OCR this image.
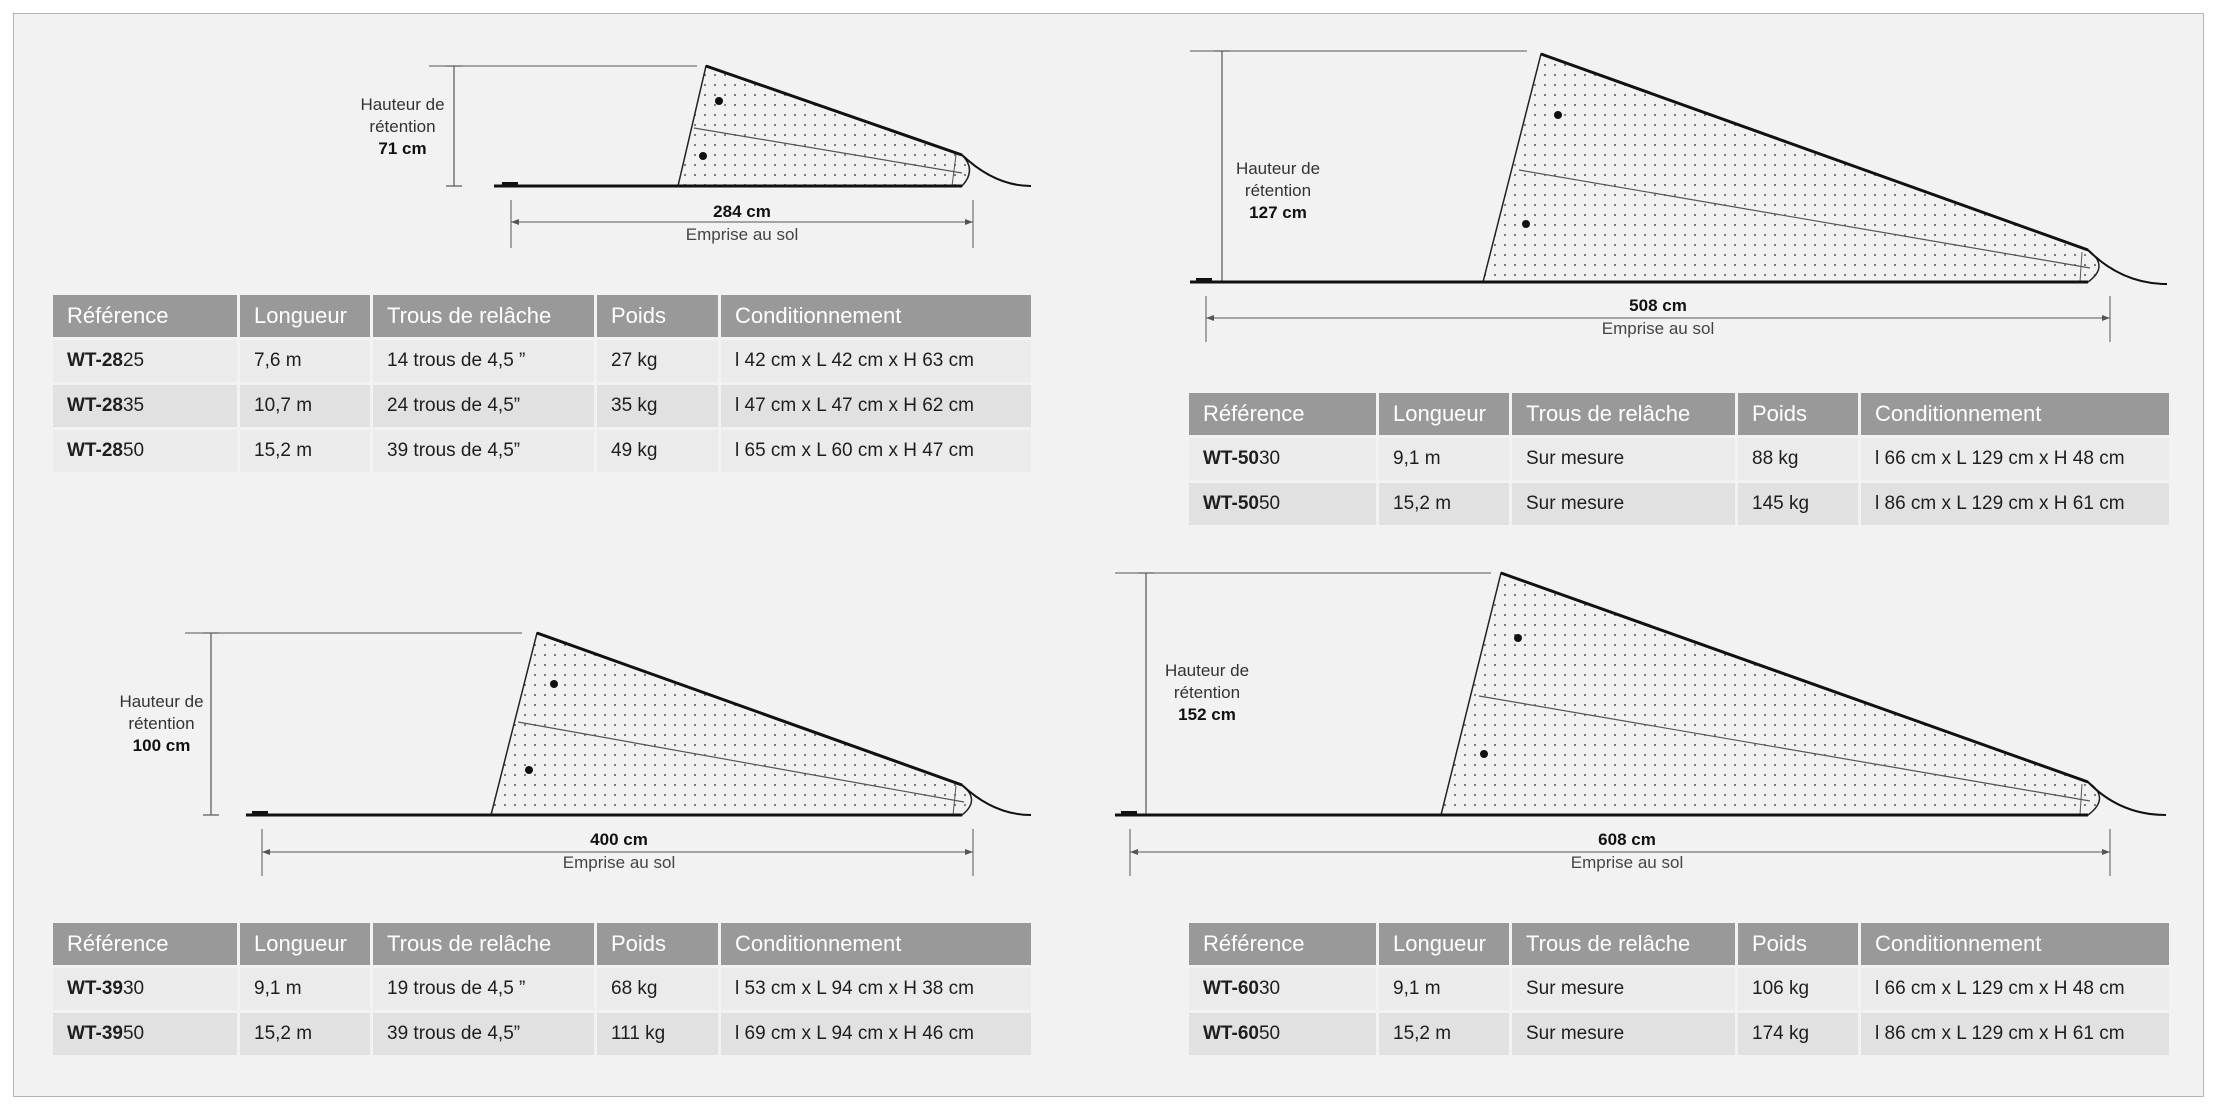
Hauteur de rétention
71 cm
284 cm
Emprise au sol
Référence	Longueur	Trous de relâche	Poids	Conditionnement
WT-2825	7,6 m	14 trous de 4,5 ”	27 kg	l 42 cm x L 42 cm x H 63 cm
WT-2835	10,7 m	24 trous de 4,5”	35 kg	l 47 cm x L 47 cm x H 62 cm
WT-2850	15,2 m	39 trous de 4,5”	49 kg	l 65 cm x L 60 cm x H 47 cm
Hauteur de rétention
127 cm
508 cm
Emprise au sol
Référence	Longueur	Trous de relâche	Poids	Conditionnement
WT-5030	9,1 m	Sur mesure	88 kg	l 66 cm x L 129 cm x H 48 cm
WT-5050	15,2 m	Sur mesure	145 kg	l 86 cm x L 129 cm x H 61 cm
Hauteur de rétention
100 cm
400 cm
Emprise au sol
Référence	Longueur	Trous de relâche	Poids	Conditionnement
WT-3930	9,1 m	19 trous de 4,5 ”	68 kg	l 53 cm x L 94 cm x H 38 cm
WT-3950	15,2 m	39 trous de 4,5”	111 kg	l 69 cm x L 94 cm x H 46 cm
Hauteur de rétention
152 cm
608 cm
Emprise au sol
Référence	Longueur	Trous de relâche	Poids	Conditionnement
WT-6030	9,1 m	Sur mesure	106 kg	l 66 cm x L 129 cm x H 48 cm
WT-6050	15,2 m	Sur mesure	174 kg	l 86 cm x L 129 cm x H 61 cm
